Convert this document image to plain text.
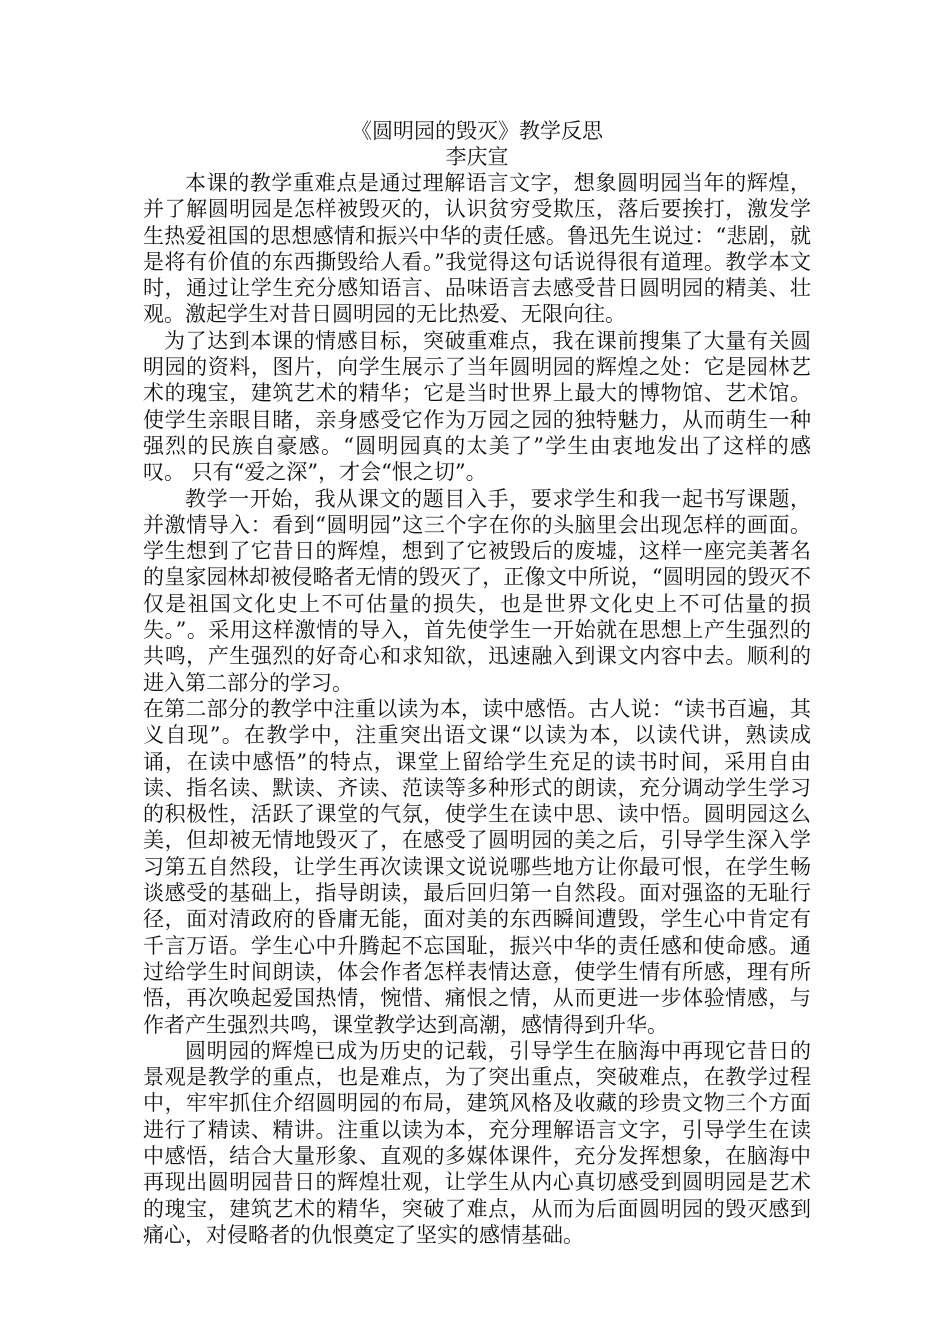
《圆明园的毁灭》教学反思

李庆宣

本课的教学重难点是通过理解语言文字，想象圆明园当年的辉煌，并了解圆明园是怎样被毁灭的，认识贫穷受欺压，落后要挨打，激发学生热爱祖国的思想感情和振兴中华的责任感。鲁迅先生说过：“悲剧，就是将有价值的东西撕毁给人看。”我觉得这句话说得很有道理。教学本文时，通过让学生充分感知语言、品味语言去感受昔日圆明园的精美、壮观。激起学生对昔日圆明园的无比热爱、无限向往。

为了达到本课的情感目标，突破重难点，我在课前搜集了大量有关圆明园的资料，图片，向学生展示了当年圆明园的辉煌之处：它是园林艺术的瑰宝，建筑艺术的精华；它是当时世界上最大的博物馆、艺术馆。使学生亲眼目睹，亲身感受它作为万园之园的独特魅力，从而萌生一种强烈的民族自豪感。“圆明园真的太美了”学生由衷地发出了这样的感叹。 只有“爱之深”，才会“恨之切”。

教学一开始，我从课文的题目入手，要求学生和我一起书写课题，并激情导入：看到“圆明园”这三个字在你的头脑里会出现怎样的画面。学生想到了它昔日的辉煌，想到了它被毁后的废墟，这样一座完美著名的皇家园林却被侵略者无情的毁灭了，正像文中所说，“圆明园的毁灭不仅是祖国文化史上不可估量的损失，也是世界文化史上不可估量的损失。”。采用这样激情的导入，首先使学生一开始就在思想上产生强烈的共鸣，产生强烈的好奇心和求知欲，迅速融入到课文内容中去。顺利的进入第二部分的学习。

在第二部分的教学中注重以读为本，读中感悟。古人说：“读书百遍，其义自现”。在教学中，注重突出语文课“以读为本，以读代讲，熟读成诵，在读中感悟”的特点，课堂上留给学生充足的读书时间，采用自由读、指名读、默读、齐读、范读等多种形式的朗读，充分调动学生学习的积极性，活跃了课堂的气氛，使学生在读中思、读中悟。圆明园这么美，但却被无情地毁灭了，在感受了圆明园的美之后，引导学生深入学习第五自然段，让学生再次读课文说说哪些地方让你最可恨，在学生畅谈感受的基础上，指导朗读，最后回归第一自然段。面对强盗的无耻行径，面对清政府的昏庸无能，面对美的东西瞬间遭毁，学生心中肯定有千言万语。学生心中升腾起不忘国耻，振兴中华的责任感和使命感。通过给学生时间朗读，体会作者怎样表情达意，使学生情有所感，理有所悟，再次唤起爱国热情，惋惜、痛恨之情，从而更进一步体验情感，与作者产生强烈共鸣，课堂教学达到高潮，感情得到升华。

圆明园的辉煌已成为历史的记载，引导学生在脑海中再现它昔日的景观是教学的重点，也是难点，为了突出重点，突破难点，在教学过程中，牢牢抓住介绍圆明园的布局，建筑风格及收藏的珍贵文物三个方面进行了精读、精讲。注重以读为本，充分理解语言文字，引导学生在读中感悟，结合大量形象、直观的多媒体课件，充分发挥想象，在脑海中再现出圆明园昔日的辉煌壮观，让学生从内心真切感受到圆明园是艺术的瑰宝，建筑艺术的精华，突破了难点，从而为后面圆明园的毁灭感到痛心，对侵略者的仇恨奠定了坚实的感情基础。
